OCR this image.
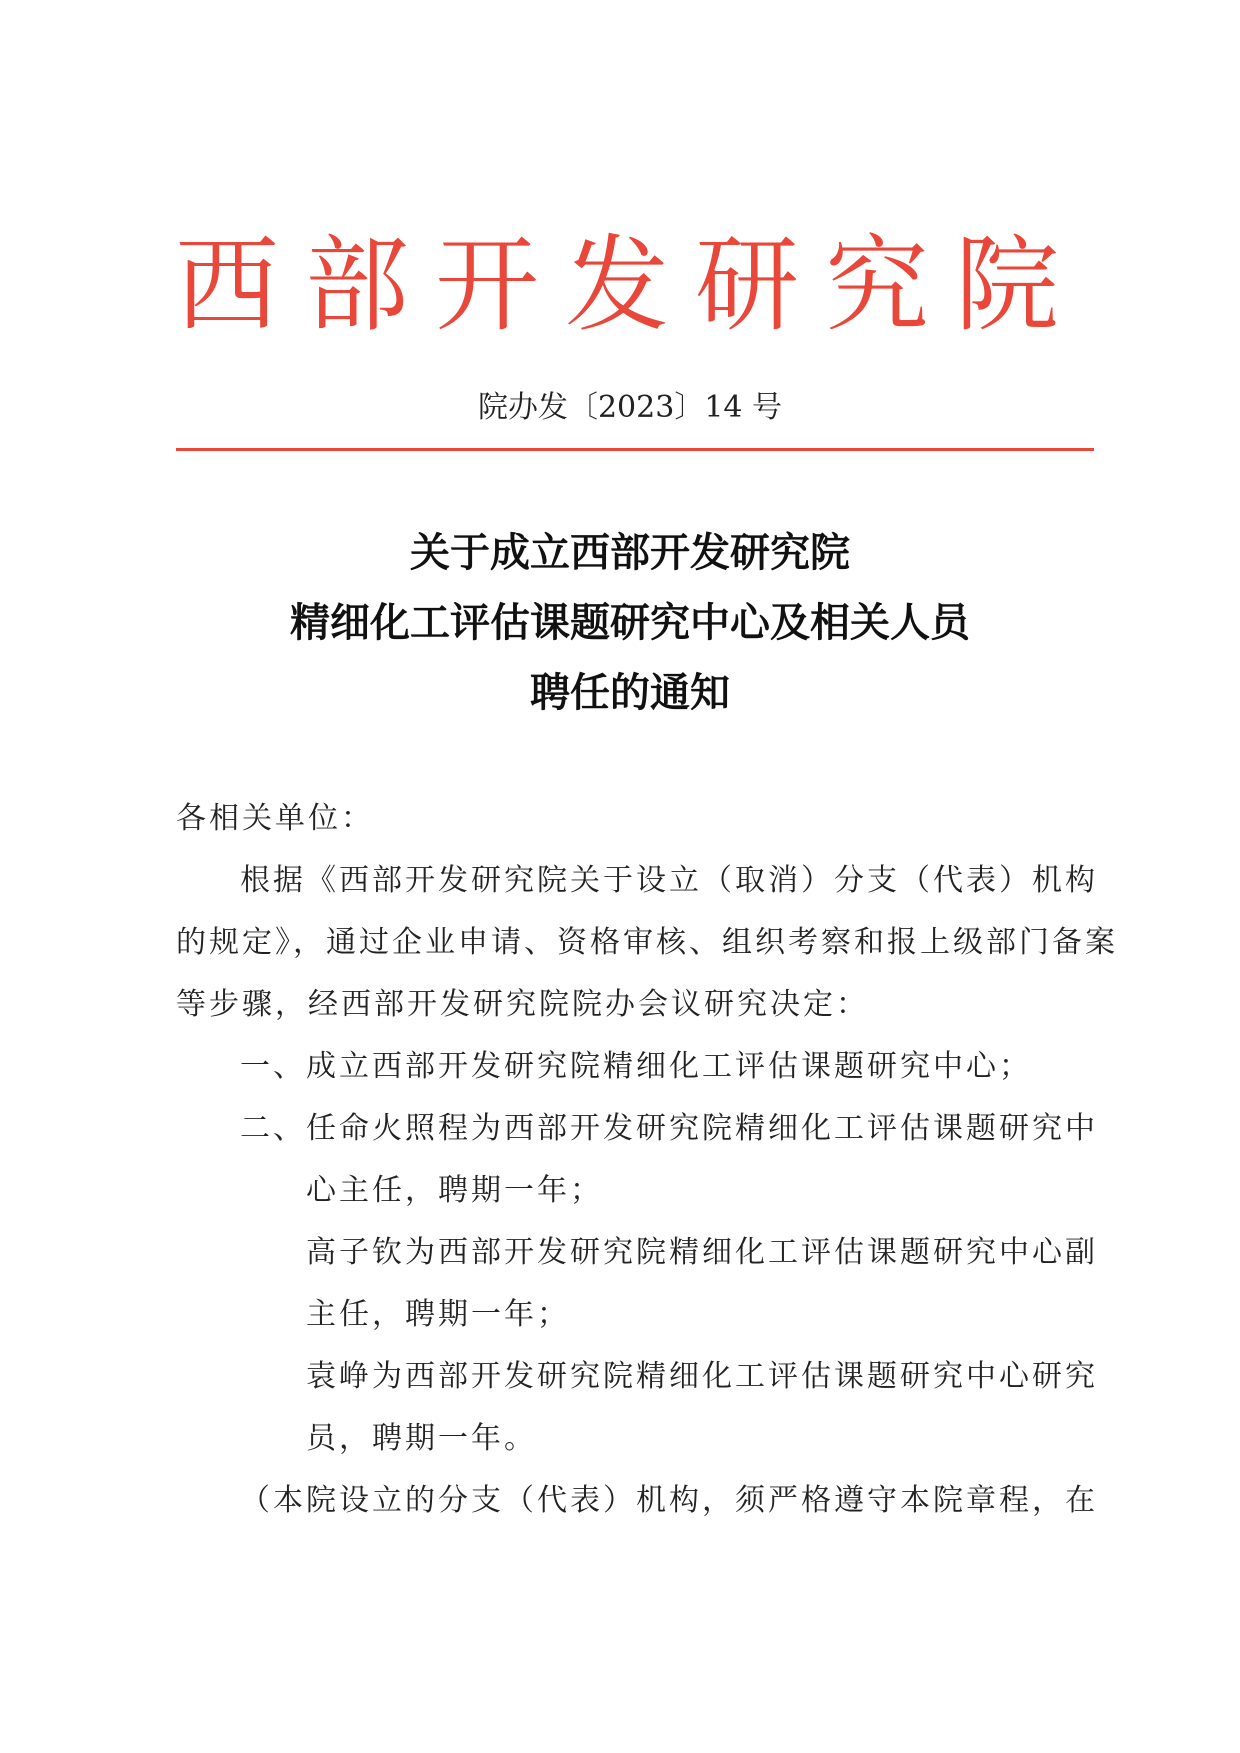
西部开发研究院
院办发〔2023〕14 号
关于成立西部开发研究院
精细化工评估课题研究中心及相关人员
聘任的通知
各相关单位：
根据《西部开发研究院关于设立（取消）分支（代表）机构
的规定》，通过企业申请、资格审核、组织考察和报上级部门备案
等步骤，经西部开发研究院院办会议研究决定：
一、成立西部开发研究院精细化工评估课题研究中心；
二、任命火照程为西部开发研究院精细化工评估课题研究中
心主任，聘期一年；
高子钦为西部开发研究院精细化工评估课题研究中心副
主任，聘期一年；
袁峥为西部开发研究院精细化工评估课题研究中心研究
员，聘期一年。
（本院设立的分支（代表）机构，须严格遵守本院章程，在
